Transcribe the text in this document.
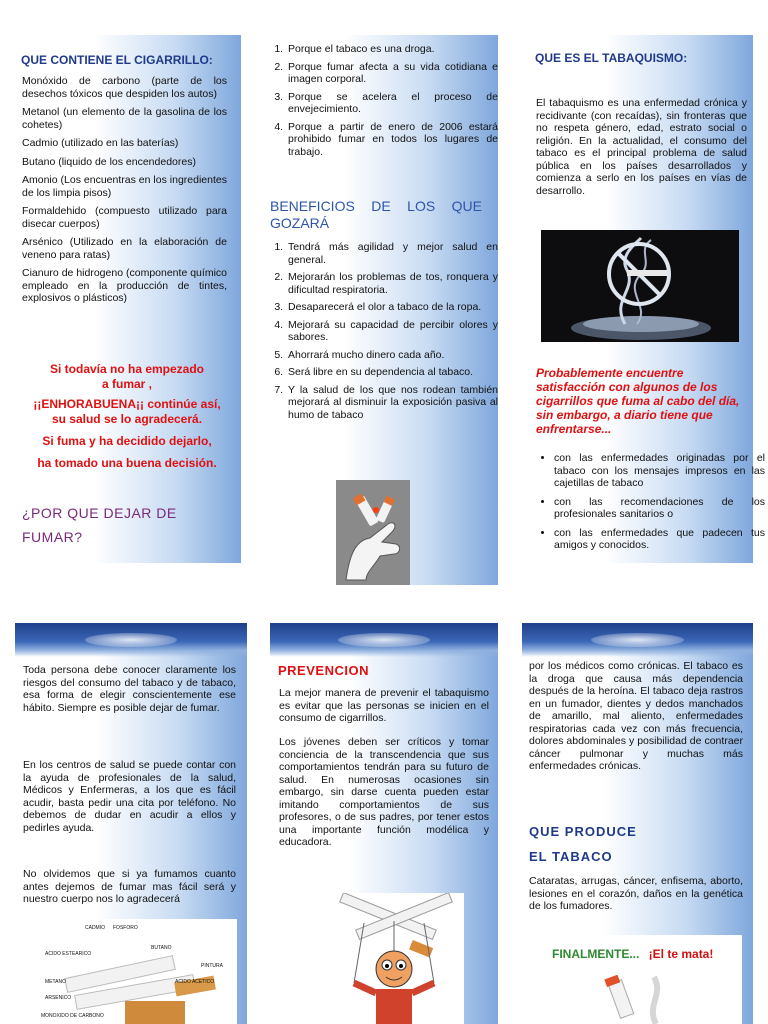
QUE CONTIENE EL CIGARRILLO:

Monóxido de carbono (parte de los desechos tóxicos que despiden los autos)

Metanol (un elemento de la gasolina de los cohetes)

Cadmio (utilizado en las baterías)

Butano (liquido de los encendedores)

Amonio (Los encuentras en los ingredientes de los limpia pisos)

Formaldehido (compuesto utilizado para disecar cuerpos)

Arsénico (Utilizado en la elaboración de veneno para ratas)

Cianuro de hidrogeno (componente químico empleado en la producción de tintes, explosivos o plásticos)

Si todavía no ha empezado a fumar ,
¡¡ENHORABUENA¡¡ continúe así, su salud se lo agradecerá.
Si fuma y ha decidido dejarlo,
ha tomado una buena decisión.
¿POR QUE DEJAR DE FUMAR?
1. Porque el tabaco es una droga.
2. Porque fumar afecta a su vida cotidiana e imagen corporal.
3. Porque se acelera el proceso de envejecimiento.
4. Porque a partir de enero de 2006 estará prohibido fumar en todos los lugares de trabajo.
BENEFICIOS DE LOS QUE GOZARÁ
1. Tendrá más agilidad y mejor salud en general.
2. Mejorarán los problemas de tos, ronquera y dificultad respiratoria.
3. Desaparecerá el olor a tabaco de la ropa.
4. Mejorará su capacidad de percibir olores y sabores.
5. Ahorrará mucho dinero cada año.
6. Será libre en su dependencia al tabaco.
7. Y la salud de los que nos rodean también mejorará al disminuir la exposición pasiva al humo de tabaco
QUE ES EL TABAQUISMO:
El tabaquismo es una enfermedad crónica y recidivante (con recaídas), sin fronteras que no respeta género, edad, estrato social o religión. En la actualidad, el consumo del tabaco es el principal problema de salud pública en los países desarrollados y comienza a serlo en los países en vías de desarrollo.
Probablemente encuentre satisfacción con algunos de los cigarrillos que fuma al cabo del día, sin embargo, a diario tiene que enfrentarse...
• con las enfermedades originadas por el tabaco con los mensajes impresos en las cajetillas de tabaco
• con las recomendaciones de los profesionales sanitarios o
• con las enfermedades que padecen tus amigos y conocidos.
Toda persona debe conocer claramente los riesgos del consumo del tabaco y de tabaco, esa forma de elegir conscientemente ese hábito. Siempre es posible dejar de fumar.
En los centros de salud se puede contar con la ayuda de profesionales de la salud, Médicos y Enfermeras, a los que es fácil acudir, basta pedir una cita por teléfono. No debemos de dudar en acudir a ellos y pedirles ayuda.
No olvidemos que si ya fumamos cuanto antes dejemos de fumar mas fácil será y nuestro cuerpo nos lo agradecerá
CADMIO FOSFORO
BUTANO
ACIDO ESTEARICO
PINTURA
METANO	ACIDO ACETICO
ARSENICO
MONOXIDO DE CARBONO
PREVENCION
La mejor manera de prevenir el tabaquismo es evitar que las personas se inicien en el consumo de cigarrillos.
Los jóvenes deben ser críticos y tomar conciencia de la transcendencia que sus comportamientos tendrán para su futuro de salud. En numerosas ocasiones sin embargo, sin darse cuenta pueden estar imitando comportamientos de sus profesores, o de sus padres, por tener estos una importante función modélica y educadora.
por los médicos como crónicas. El tabaco es la droga que causa más dependencia después de la heroína. El tabaco deja rastros en un fumador, dientes y dedos manchados de amarillo, mal aliento, enfermedades respiratorias cada vez con más frecuencia, dolores abdominales y posibilidad de contraer cáncer pulmonar y muchas más enfermedades crónicas.
QUE PRODUCE
EL TABACO
Cataratas, arrugas, cáncer, enfisema, aborto, lesiones en el corazón, daños en la genética de los fumadores.
FINALMENTE... ¡El te mata!
